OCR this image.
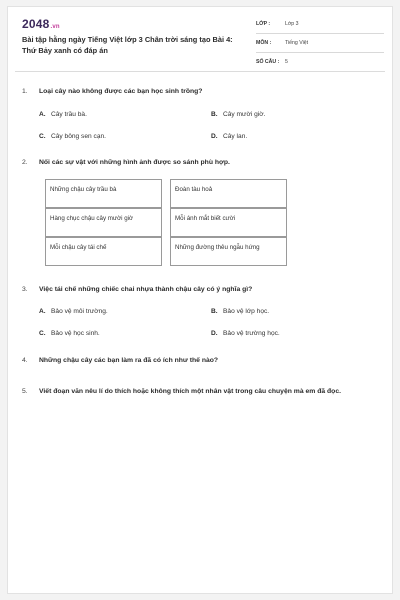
2048.vn
Bài tập hằng ngày Tiếng Việt lớp 3 Chân trời sáng tạo Bài 4: Thứ Bảy xanh có đáp án
LỚP :	Lớp 3
MÔN :	Tiếng Việt
SỐ CÂU : 5
1. Loại cây nào không được các bạn học sinh trồng?
A. Cây trầu bà.	B. Cây mười giờ.
C. Cây bông sen cạn.	D. Cây lan.
2. Nối các sự vật với những hình ảnh được so sánh phù hợp.
Những chậu cây trầu bà
Hàng chục chậu cây mười giờ
Mỗi chậu cây tái chế
Đoàn tàu hoả
Mỗi ánh mắt biết cười
Những đường thêu ngẫu hứng
3. Việc tái chế những chiếc chai nhựa thành chậu cây có ý nghĩa gì?
A. Bảo vệ môi trường.	B. Bảo vệ lớp học.
C. Bảo vệ học sinh.	D. Bảo vệ trường học.
4. Những chậu cây các bạn làm ra đã có ích như thế nào?
5. Viết đoạn văn nêu lí do thích hoặc không thích một nhân vật trong câu chuyện mà em đã đọc.
